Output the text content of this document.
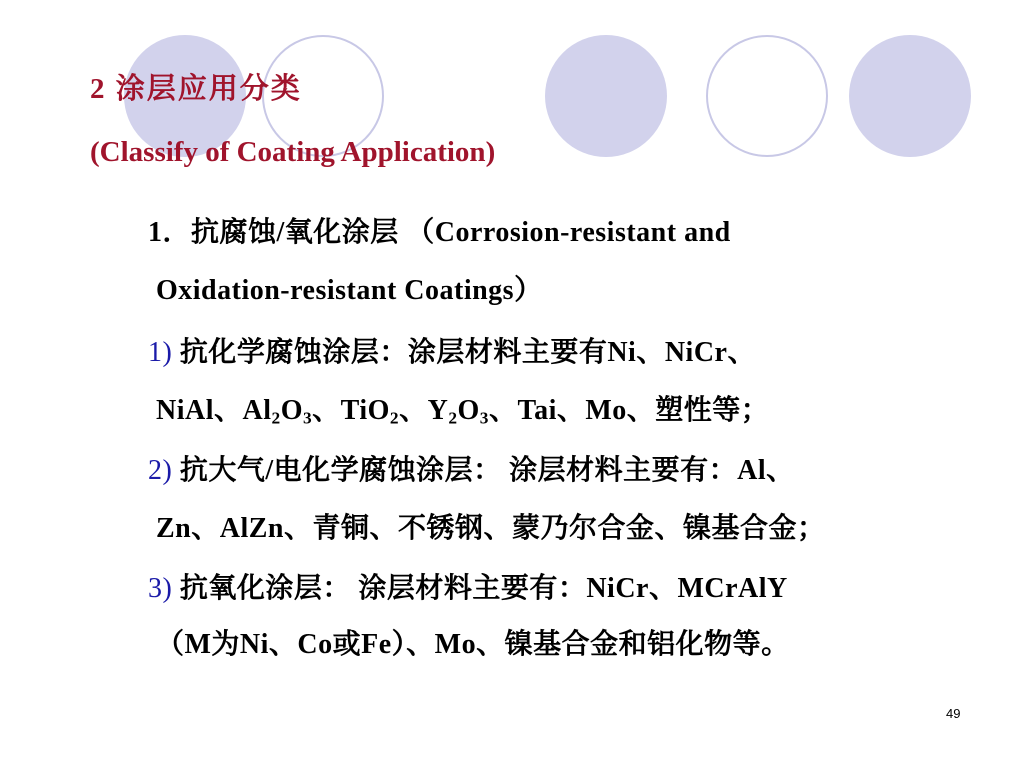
2 涂层应用分类
(Classify of Coating Application)
1．抗腐蚀/氧化涂层 （Corrosion-resistant and
Oxidation-resistant Coatings）
1) 抗化学腐蚀涂层：涂层材料主要有Ni、NiCr、
NiAl、$Al_2O_3$、TiO$_2$、$Y_2O_3$、Tai、Mo、塑性等；
2) 抗大气/电化学腐蚀涂层： 涂层材料主要有：Al、
Zn、AlZn、青铜、不锈钢、蒙乃尔合金、镍基合金；
3) 抗氧化涂层： 涂层材料主要有：NiCr、MCrAlY
（M为Ni、Co或Fe）、Mo、镍基合金和铝化物等。
49
